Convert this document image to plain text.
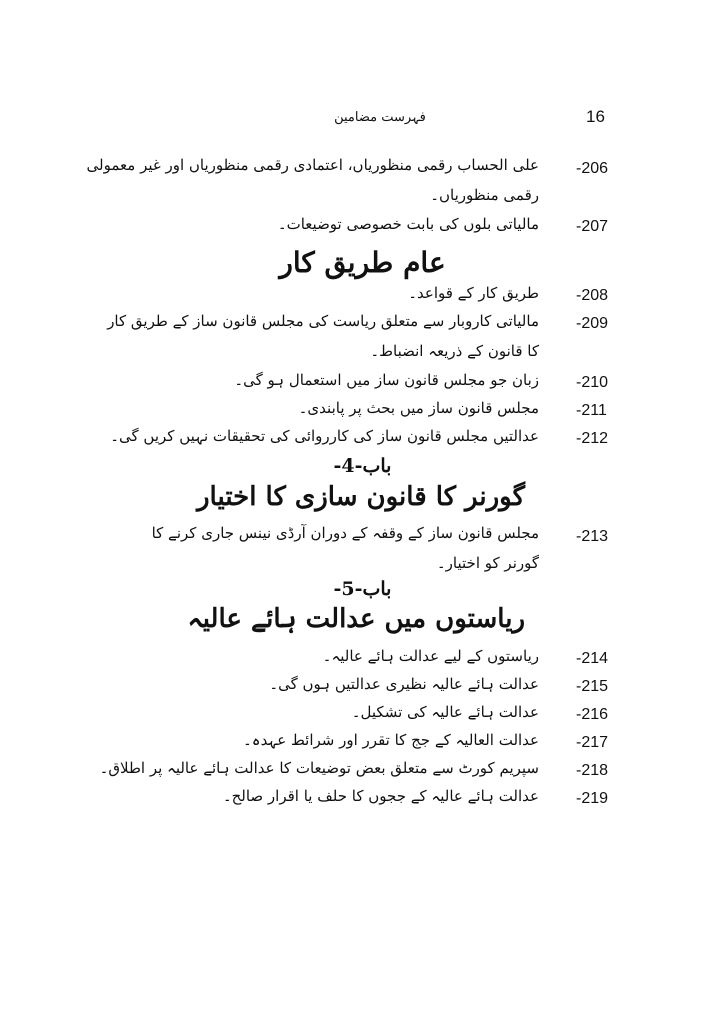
16
فہرست مضامین
-206
علی الحساب رقمی منظوریاں، اعتمادی رقمی منظوریاں اور غیر معمولی
رقمی منظوریاں۔
-207
مالیاتی بلوں کی بابت خصوصی توضیعات۔
عام طریق کار
-208
طریق کار کے قواعد۔
-209
مالیاتی کاروبار سے متعلق ریاست کی مجلس قانون ساز کے طریق کار
کا قانون کے ذریعہ انضباط۔
-210
زبان جو مجلس قانون ساز میں استعمال ہو گی۔
-211
مجلس قانون ساز میں بحث پر پابندی۔
-212
عدالتیں مجلس قانون ساز کی کارروائی کی تحقیقات نہیں کریں گی۔
باب-4-
گورنر کا قانون سازی کا اختیار
-213
مجلس قانون ساز کے وقفہ کے دوران آرڈی نینس جاری کرنے کا
گورنر کو اختیار۔
باب-5-
ریاستوں میں عدالت ہائے عالیہ
-214
ریاستوں کے لیے عدالت ہائے عالیہ۔
-215
عدالت ہائے عالیہ نظیری عدالتیں ہوں گی۔
-216
عدالت ہائے عالیہ کی تشکیل۔
-217
عدالت العالیہ کے جج کا تقرر اور شرائط عہدہ۔
-218
سپریم کورٹ سے متعلق بعض توضیعات کا عدالت ہائے عالیہ پر اطلاق۔
-219
عدالت ہائے عالیہ کے ججوں کا حلف یا اقرار صالح۔
